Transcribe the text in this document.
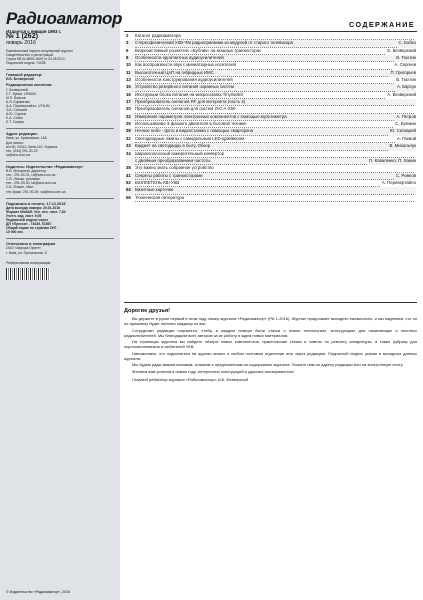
Радиоаматор
Издается с января 1993 г.
№ 1 (262)
январь 2016
Ежемесячный научно-популярный журнал
Свидетельство о регистрации
Серия КВ № 6826-1509 от 24.08.2011
Подписной индекс 74435
Главный редактор:
И.Б. Безверхний
Редакционная коллегия:
Г. Безверхний
С.Г. Бунин, UR5UN
М.П. Власов
А.Я. Ефименко
А.А. Перевертайло, UT4UM
Э.А. Салахов
А.Ю. Саулов
Е.А. Собко
Е.Т. Скорик
Адрес редакции:
Киев, ул. Краковская, 13А
Для писем:
а/я 50, 03110, Киев-110, Украина
тел. (044) 291-00-29
ra@sea.com.ua
Издатель: Издательство «Радиоаматор»
В.В. Моторный, директор
тел.: 291-00-31, ra@sea.com.ua
С.В. Латыш, реклама
тел.: 291-00-30, lat@sea.com.ua
С.Б. Фомин, сбыт
тел./факс: 291-00-29, val@sea.com.ua
Подписано в печать: 17.12.2015
Дата выхода номера: 20.01.2016
Формат 60x84/8. Усл. печ. лист. 7,54
Учетн. изд. лист. 9,05
Подписной индекс через
ДП «Пресса» - 74435, 01567
Общий тираж по странам СНГ -
10 000 экз.
Отпечатано в типографии
ООО «Аврора Принт»
г. Киев, ул. Причальная, 5
Реферативная информация
© Издательство «Радиоаматор», 2016
СОДЕРЖАНИЕ
2	Каталог радиоаматора
3	Стереофонический УКВ-ЧМ радиоприемник из модулей от старого телевизора	С. Бобко
6	Безрезистивный усилитель «Бублик» на мощных транзисторах	Е. Безверхний
8	Особенности однотактных аудиоусилителей	В. Тюхтин
10 Как воспроизвести звук с миниатюрных носителей	А. Сергеев
11	Высокоточный ЦАП на гибридных ИМС	П. Григорьев
13 Особенности конструирования аудиоусилителей	В. Тюхтин
15 Устройство резервного питания охранных систем	А. Барсук
16 Инструкции блока питания на микросхемах TinySwitch	А. Безверхний
17 Преобразователь сигналов RF для интернета (часть 2)
20 Преобразователь сигналов для систем JVC A-X50
22 Измерение параметров электронных компонентов с помощью мультиметра	А. Петров
25 Использование 3-фазного двигателя в бытовой технике	С. Еремин
29 Ночное небо - фото и видеосъемка с помощью смартфона	Ю. Селицкий
32 Светодиодные лампы с самодельным LED-драйвером	А. Гаевой
33 Бюджет на светодиоды в быту. Обзор	В. Михальчук
34 Широкополосный измерительный конвертор
с двойным преобразованием частоты	П. Коваленко, П. Ханин
38 Это важно знать собранное устройство
41 Секреты работы с транзисторами	С. Рожков
52 БЮЛЛЕТЕНЬ КВ+УКВ	А. Перевертайло
54 Визитные карточки
56 Техническая литература
Дорогие друзья!

Вы держите в руках первый в этом году номер журнала «Радиоаматор» (РА 1-2016). Журнал продолжает выходить ежемесячно, и мы надеемся, что он по-прежнему будет полезен каждому из вас.

Сотрудники редакции стараются, чтобы в каждом номере были статьи о новых технологиях, конструкциях для начинающих и опытных радиолюбителей. Мы благодарим всех авторов за их работу и ждем новых материалов.

На страницах журнала вы найдете обзоры новых компонентов, практические схемы и советы по ремонту аппаратуры, а также рубрику для коротковолновиков и любителей УКВ.

Напоминаем, что подписаться на журнал можно в любом почтовом отделении или через редакцию. Подписной индекс указан в выходных данных журнала.

Мы будем рады вашим письмам, отзывам и предложениям по содержанию журнала. Пишите нам по адресу редакции или на электронную почту.

Желаем вам успехов в новом году, интересных конструкций и удачных экспериментов!

Главный редактор журнала «Радиоаматор» И.Б. Безверхний
